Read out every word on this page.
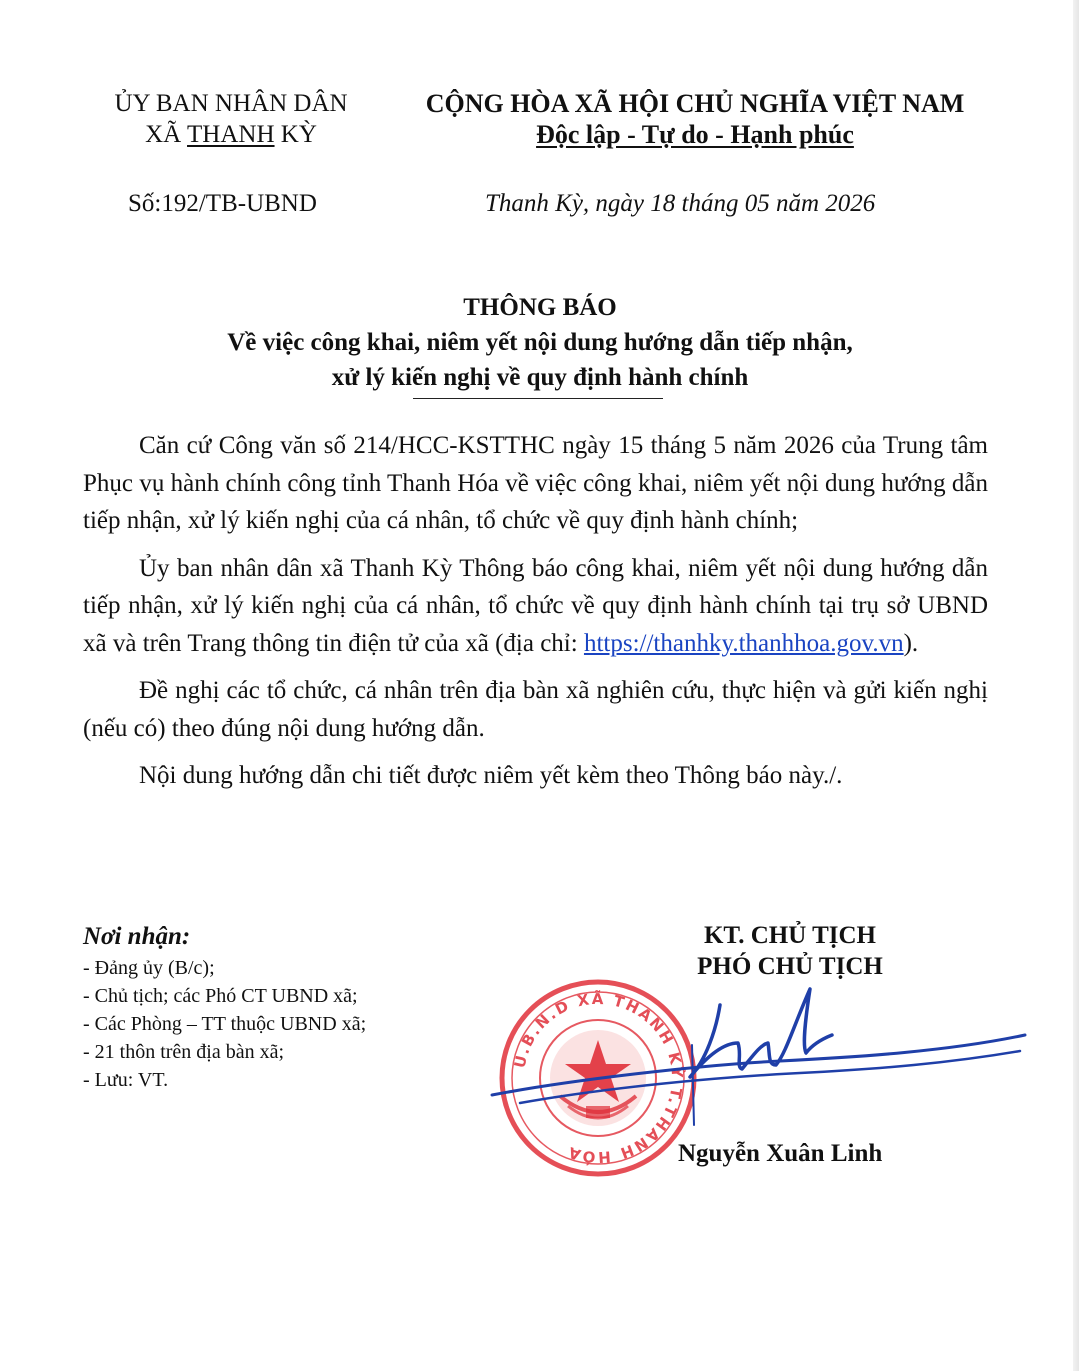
ỦY BAN NHÂN DÂN
XÃ THANH KỲ
CỘNG HÒA XÃ HỘI CHỦ NGHĨA VIỆT NAM
Độc lập - Tự do - Hạnh phúc
Số:192/TB-UBND	Thanh Kỳ, ngày 18 tháng 05 năm 2026
THÔNG BÁO
Về việc công khai, niêm yết nội dung hướng dẫn tiếp nhận,
xử lý kiến nghị về quy định hành chính

Căn cứ Công văn số 214/HCC-KSTTHC ngày 15 tháng 5 năm 2026 của Trung tâm Phục vụ hành chính công tỉnh Thanh Hóa về việc công khai, niêm yết nội dung hướng dẫn tiếp nhận, xử lý kiến nghị của cá nhân, tổ chức về quy định hành chính;

Ủy ban nhân dân xã Thanh Kỳ Thông báo công khai, niêm yết nội dung hướng dẫn tiếp nhận, xử lý kiến nghị của cá nhân, tổ chức về quy định hành chính tại trụ sở UBND xã và trên Trang thông tin điện tử của xã (địa chỉ: https://thanhky.thanhhoa.gov.vn).

Đề nghị các tổ chức, cá nhân trên địa bàn xã nghiên cứu, thực hiện và gửi kiến nghị (nếu có) theo đúng nội dung hướng dẫn.

Nội dung hướng dẫn chi tiết được niêm yết kèm theo Thông báo này./.

Nơi nhận:
- Đảng ủy (B/c);
- Chủ tịch; các Phó CT UBND xã;
- Các Phòng – TT thuộc UBND xã;
- 21 thôn trên địa bàn xã;
- Lưu: VT.
KT. CHỦ TỊCH
PHÓ CHỦ TỊCH
U.B.N.D XÃ THANH KỲ T.THANH HÓA	Nguyễn Xuân Linh
